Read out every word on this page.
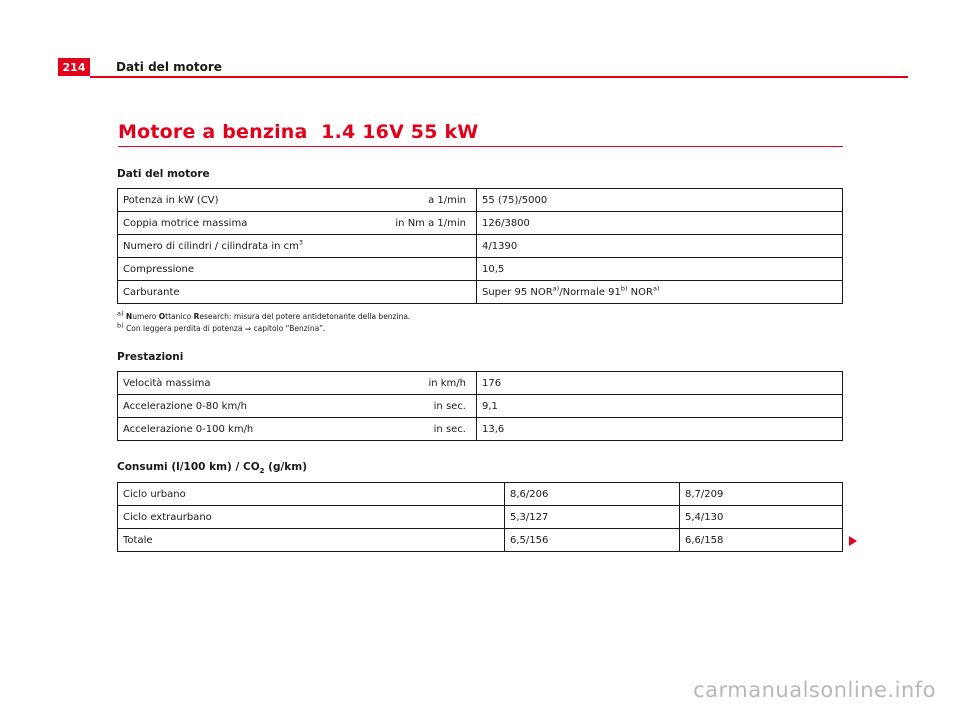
214	Dati del motore
Motore a benzina  1.4 16V 55 kW
Dati del motore
Potenza in kW (CV) a 1/min	55 (75)/5000

Coppia motrice massima in Nm a 1/min	126/3800
Numero di cilindri / cilindrata in $cm^3$	4/1390
Compressione	10,5
Carburante	Super 95 NOR$^{a)}$/Normale 91$^{b)}$ NOR$^{a)}$
$^{a)}$ Numero Ottanico Research: misura del potere antidetonante della benzina.
$^{b)}$ Con leggera perdita di potenza ⇒ capitolo “Benzina”.
Prestazioni
Velocità massima in km/h	176

Accelerazione 0-80 km/h in sec.	9,1

Accelerazione 0-100 km/h in sec.	13,6
Consumi (l/100 $km) / CO_2$ (g/km)
Ciclo urbano	8,6/206	8,7/209
Ciclo extraurbano	5,3/127	5,4/130
Totale	6,5/156	6,6/158
carmanualsonline.info
